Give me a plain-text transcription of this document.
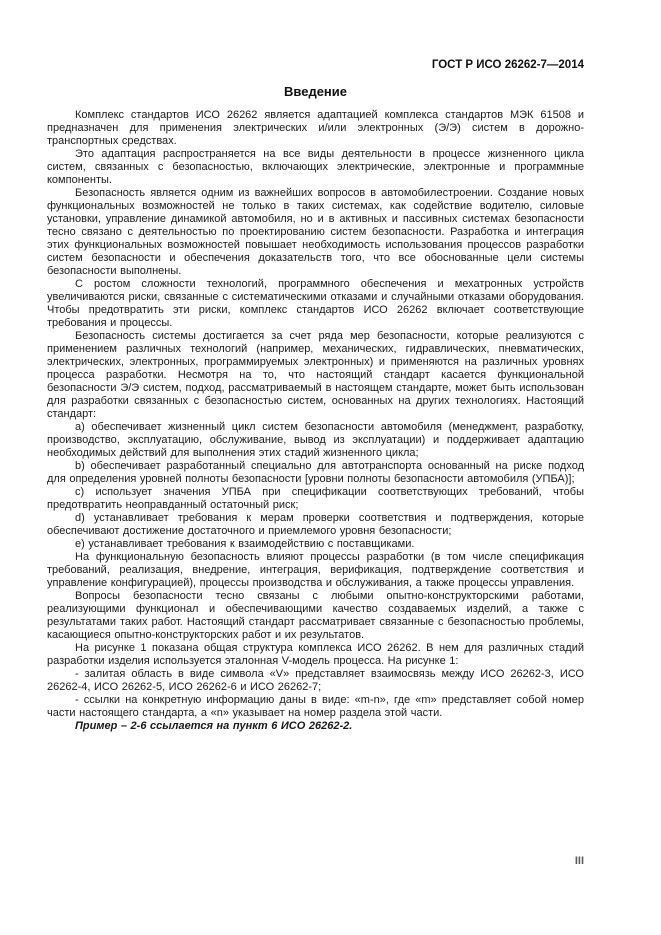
ГОСТ Р ИСО 26262-7—2014
Введение

Комплекс стандартов ИСО 26262 является адаптацией комплекса стандартов МЭК 61508 и предназначен для применения электрических и/или электронных (Э/Э) систем в дорожно-транспортных средствах.

Это адаптация распространяется на все виды деятельности в процессе жизненного цикла систем, связанных с безопасностью, включающих электрические, электронные и программные компоненты.

Безопасность является одним из важнейших вопросов в автомобилестроении. Создание новых функциональных возможностей не только в таких системах, как содействие водителю, силовые установки, управление динамикой автомобиля, но и в активных и пассивных системах безопасности тесно связано с деятельностью по проектированию систем безопасности. Разработка и интеграция этих функциональных возможностей повышает необходимость использования процессов разработки систем безопасности и обеспечения доказательств того, что все обоснованные цели системы безопасности выполнены.

С ростом сложности технологий, программного обеспечения и мехатронных устройств увеличиваются риски, связанные с систематическими отказами и случайными отказами оборудования. Чтобы предотвратить эти риски, комплекс стандартов ИСО 26262 включает соответствующие требования и процессы.

Безопасность системы достигается за счет ряда мер безопасности, которые реализуются с применением различных технологий (например, механических, гидравлических, пневматических, электрических, электронных, программируемых электронных) и применяются на различных уровнях процесса разработки. Несмотря на то, что настоящий стандарт касается функциональной безопасности Э/Э систем, подход, рассматриваемый в настоящем стандарте, может быть использован для разработки связанных с безопасностью систем, основанных на других технологиях. Настоящий стандарт:

а) обеспечивает жизненный цикл систем безопасности автомобиля (менеджмент, разработку, производство, эксплуатацию, обслуживание, вывод из эксплуатации) и поддерживает адаптацию необходимых действий для выполнения этих стадий жизненного цикла;

b) обеспечивает разработанный специально для автотранспорта основанный на риске подход для определения уровней полноты безопасности [уровни полноты безопасности автомобиля (УПБА)];

c) использует значения УПБА при спецификации соответствующих требований, чтобы предотвратить неоправданный остаточный риск;

d) устанавливает требования к мерам проверки соответствия и подтверждения, которые обеспечивают достижение достаточного и приемлемого уровня безопасности;

е) устанавливает требования к взаимодействию с поставщиками.

На функциональную безопасность влияют процессы разработки (в том числе спецификация требований, реализация, внедрение, интеграция, верификация, подтверждение соответствия и управление конфигурацией), процессы производства и обслуживания, а также процессы управления.

Вопросы безопасности тесно связаны с любыми опытно-конструкторскими работами, реализующими функционал и обеспечивающими качество создаваемых изделий, а также с результатами таких работ. Настоящий стандарт рассматривает связанные с безопасностью проблемы, касающиеся опытно-конструкторских работ и их результатов.

На рисунке 1 показана общая структура комплекса ИСО 26262. В нем для различных стадий разработки изделия используется эталонная V-модель процесса. На рисунке 1:

- залитая область в виде символа «V» представляет взаимосвязь между ИСО 26262-3, ИСО 26262-4, ИСО 26262-5, ИСО 26262-6 и ИСО 26262-7;

- ссылки на конкретную информацию даны в виде: «m-n», где «m» представляет собой номер части настоящего стандарта, а «n» указывает на номер раздела этой части.

Пример – 2-6 ссылается на пункт 6 ИСО 26262-2.

III
